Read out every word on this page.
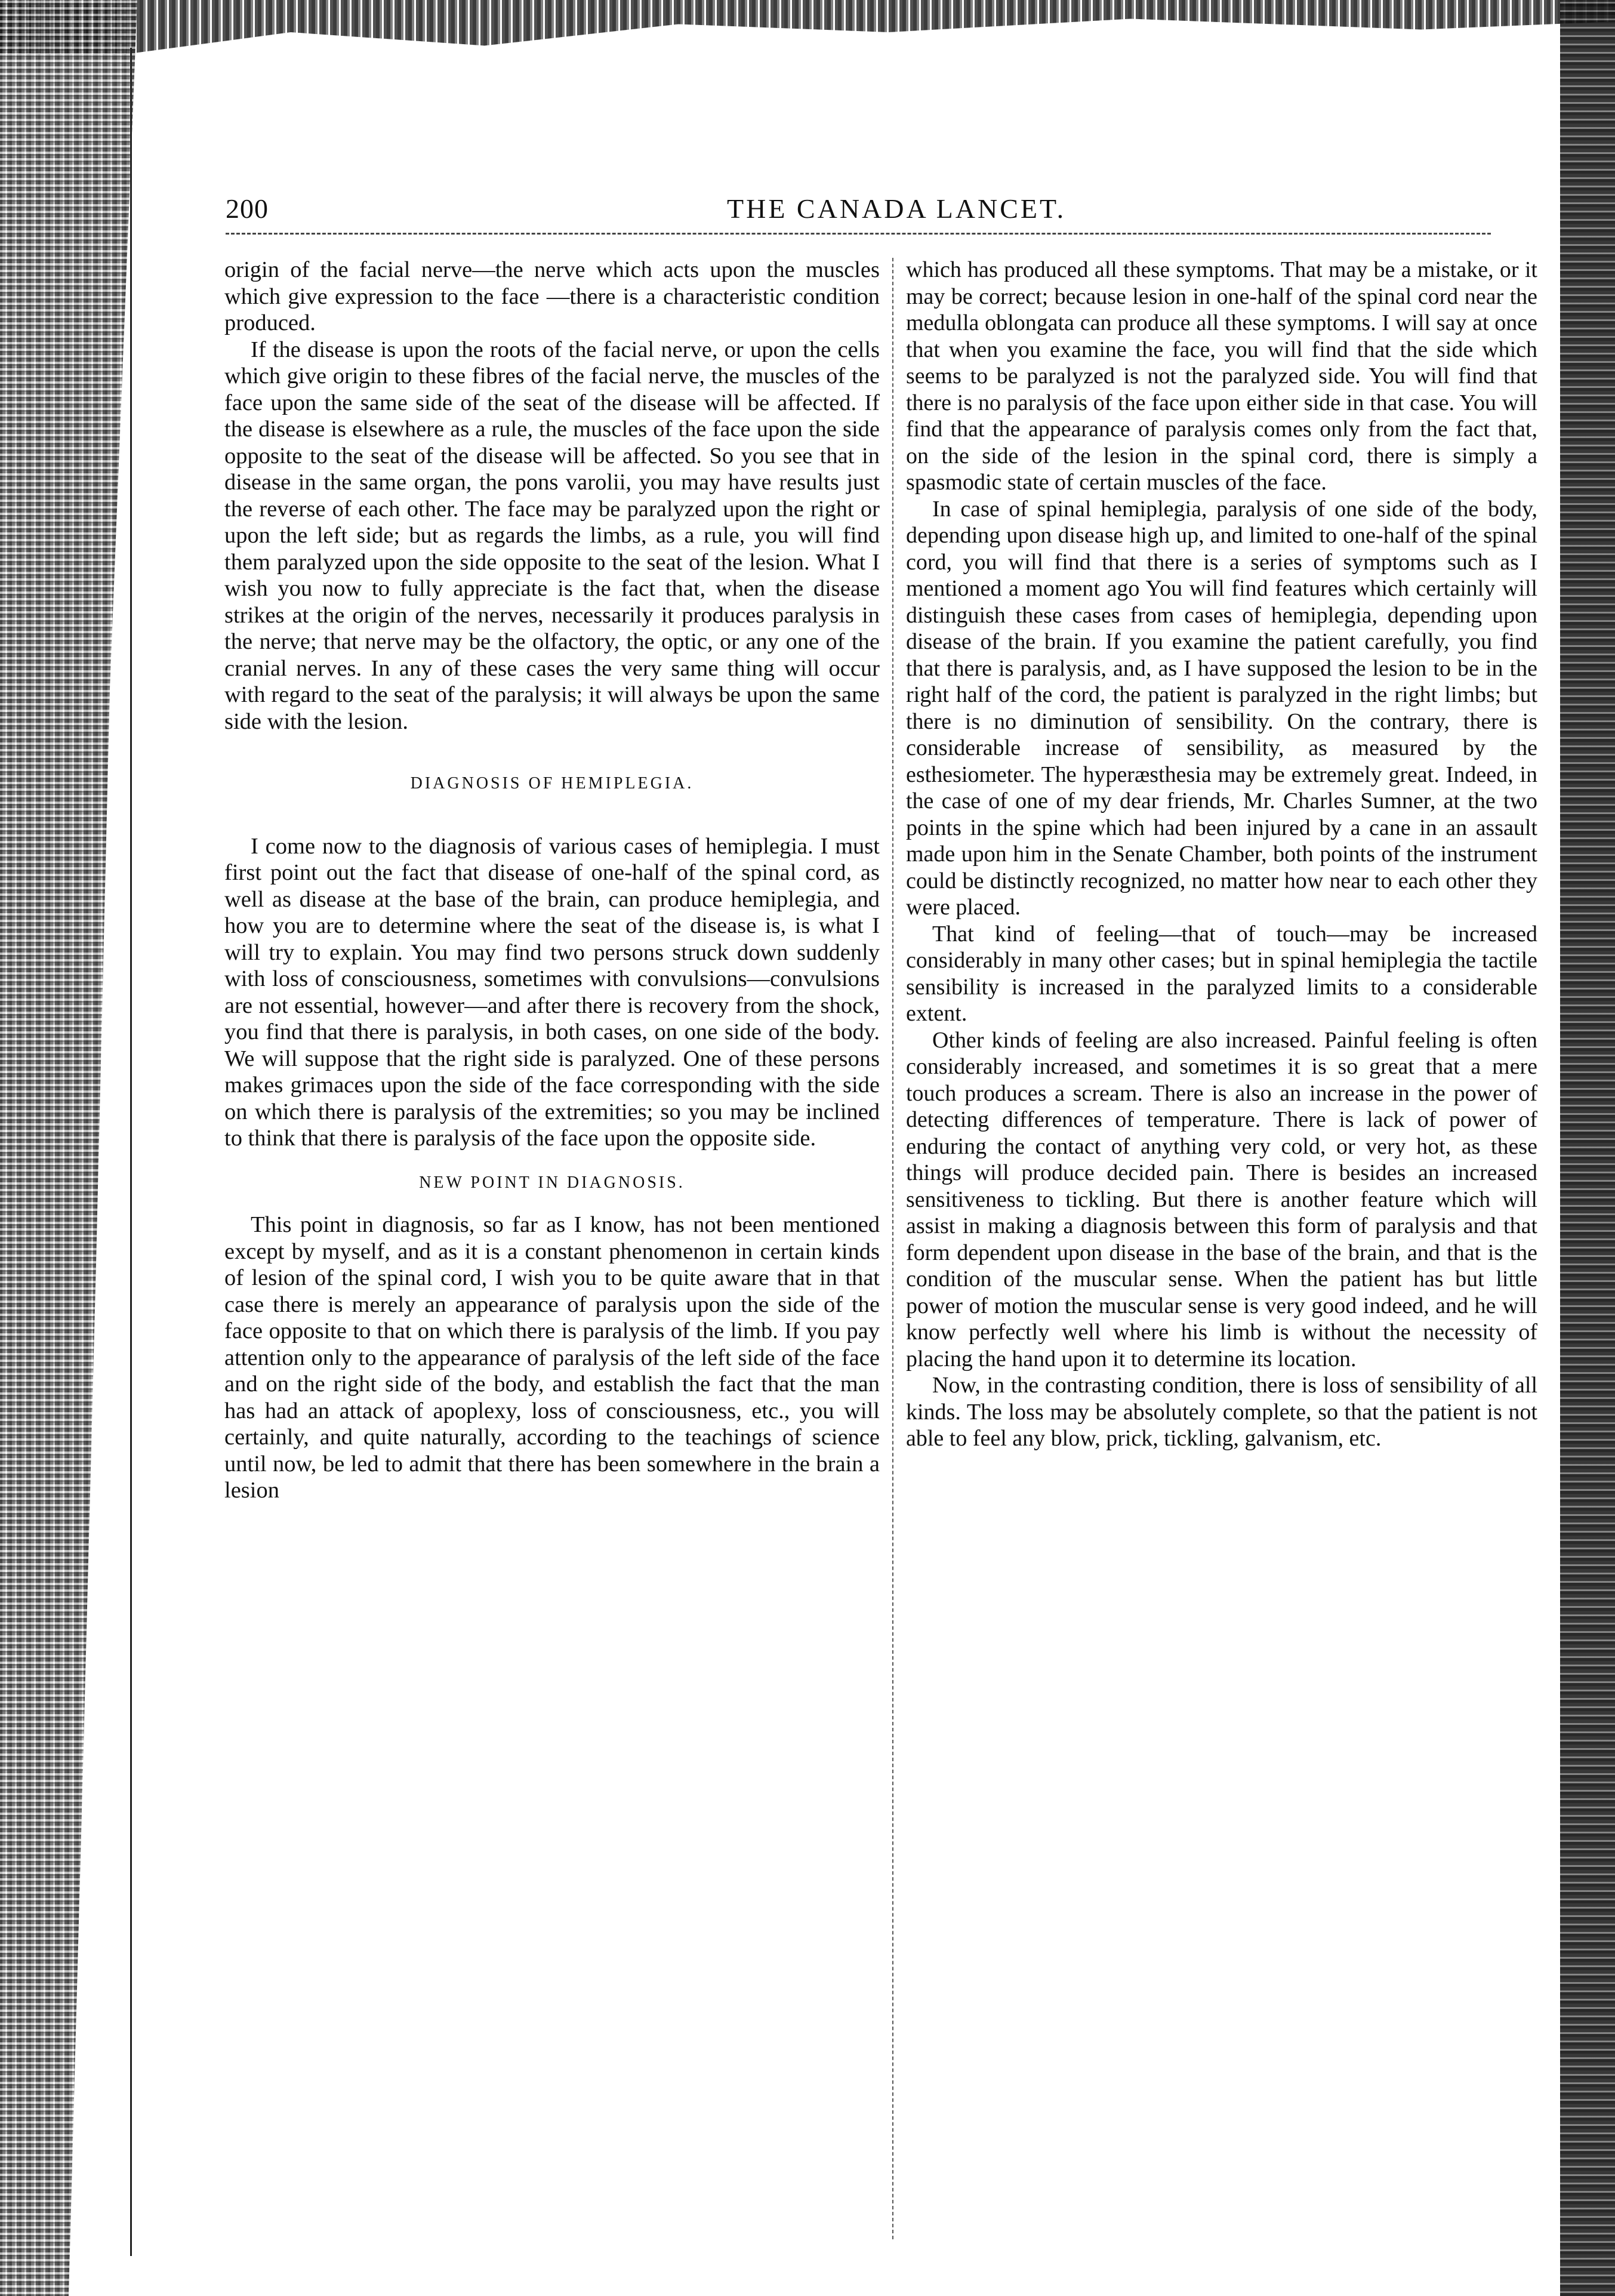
200	THE CANADA LANCET.

origin of the facial nerve—the nerve which acts upon the muscles which give expression to the face —there is a characteristic condition produced.

If the disease is upon the roots of the facial nerve, or upon the cells which give origin to these fibres of the facial nerve, the muscles of the face upon the same side of the seat of the disease will be affected. If the disease is elsewhere as a rule, the muscles of the face upon the side opposite to the seat of the disease will be affected. So you see that in disease in the same organ, the pons varolii, you may have results just the reverse of each other. The face may be paralyzed upon the right or upon the left side; but as regards the limbs, as a rule, you will find them paralyzed upon the side opposite to the seat of the lesion. What I wish you now to fully appreciate is the fact that, when the disease strikes at the origin of the nerves, necessarily it produces paralysis in the nerve; that nerve may be the olfactory, the optic, or any one of the cranial nerves. In any of these cases the very same thing will occur with regard to the seat of the paralysis; it will always be upon the same side with the lesion.

DIAGNOSIS OF HEMIPLEGIA.

I come now to the diagnosis of various cases of hemiplegia. I must first point out the fact that disease of one-half of the spinal cord, as well as disease at the base of the brain, can produce hemiplegia, and how you are to determine where the seat of the disease is, is what I will try to explain. You may find two persons struck down suddenly with loss of consciousness, sometimes with convulsions—convulsions are not essential, however—and after there is recovery from the shock, you find that there is paralysis, in both cases, on one side of the body. We will suppose that the right side is paralyzed. One of these persons makes grimaces upon the side of the face corresponding with the side on which there is paralysis of the extremities; so you may be inclined to think that there is paralysis of the face upon the opposite side.

NEW POINT IN DIAGNOSIS.

This point in diagnosis, so far as I know, has not been mentioned except by myself, and as it is a constant phenomenon in certain kinds of lesion of the spinal cord, I wish you to be quite aware that in that case there is merely an appearance of paralysis upon the side of the face opposite to that on which there is paralysis of the limb. If you pay attention only to the appearance of paralysis of the left side of the face and on the right side of the body, and establish the fact that the man has had an attack of apoplexy, loss of consciousness, etc., you will certainly, and quite naturally, according to the teachings of science until now, be led to admit that there has been somewhere in the brain a lesion

which has produced all these symptoms. That may be a mistake, or it may be correct; because lesion in one-half of the spinal cord near the medulla oblongata can produce all these symptoms. I will say at once that when you examine the face, you will find that the side which seems to be paralyzed is not the paralyzed side. You will find that there is no paralysis of the face upon either side in that case. You will find that the appearance of paralysis comes only from the fact that, on the side of the lesion in the spinal cord, there is simply a spasmodic state of certain muscles of the face.

In case of spinal hemiplegia, paralysis of one side of the body, depending upon disease high up, and limited to one-half of the spinal cord, you will find that there is a series of symptoms such as I mentioned a moment ago You will find features which certainly will distinguish these cases from cases of hemiplegia, depending upon disease of the brain. If you examine the patient carefully, you find that there is paralysis, and, as I have supposed the lesion to be in the right half of the cord, the patient is paralyzed in the right limbs; but there is no diminution of sensibility. On the contrary, there is considerable increase of sensibility, as measured by the esthesiometer. The hyperæsthesia may be extremely great. Indeed, in the case of one of my dear friends, Mr. Charles Sumner, at the two points in the spine which had been injured by a cane in an assault made upon him in the Senate Chamber, both points of the instrument could be distinctly recognized, no matter how near to each other they were placed.

That kind of feeling—that of touch—may be increased considerably in many other cases; but in spinal hemiplegia the tactile sensibility is increased in the paralyzed limits to a considerable extent.

Other kinds of feeling are also increased. Painful feeling is often considerably increased, and sometimes it is so great that a mere touch produces a scream. There is also an increase in the power of detecting differences of temperature. There is lack of power of enduring the contact of anything very cold, or very hot, as these things will produce decided pain. There is besides an increased sensitiveness to tickling. But there is another feature which will assist in making a diagnosis between this form of paralysis and that form dependent upon disease in the base of the brain, and that is the condition of the muscular sense. When the patient has but little power of motion the muscular sense is very good indeed, and he will know perfectly well where his limb is without the necessity of placing the hand upon it to determine its location.

Now, in the contrasting condition, there is loss of sensibility of all kinds. The loss may be absolutely complete, so that the patient is not able to feel any blow, prick, tickling, galvanism, etc.
